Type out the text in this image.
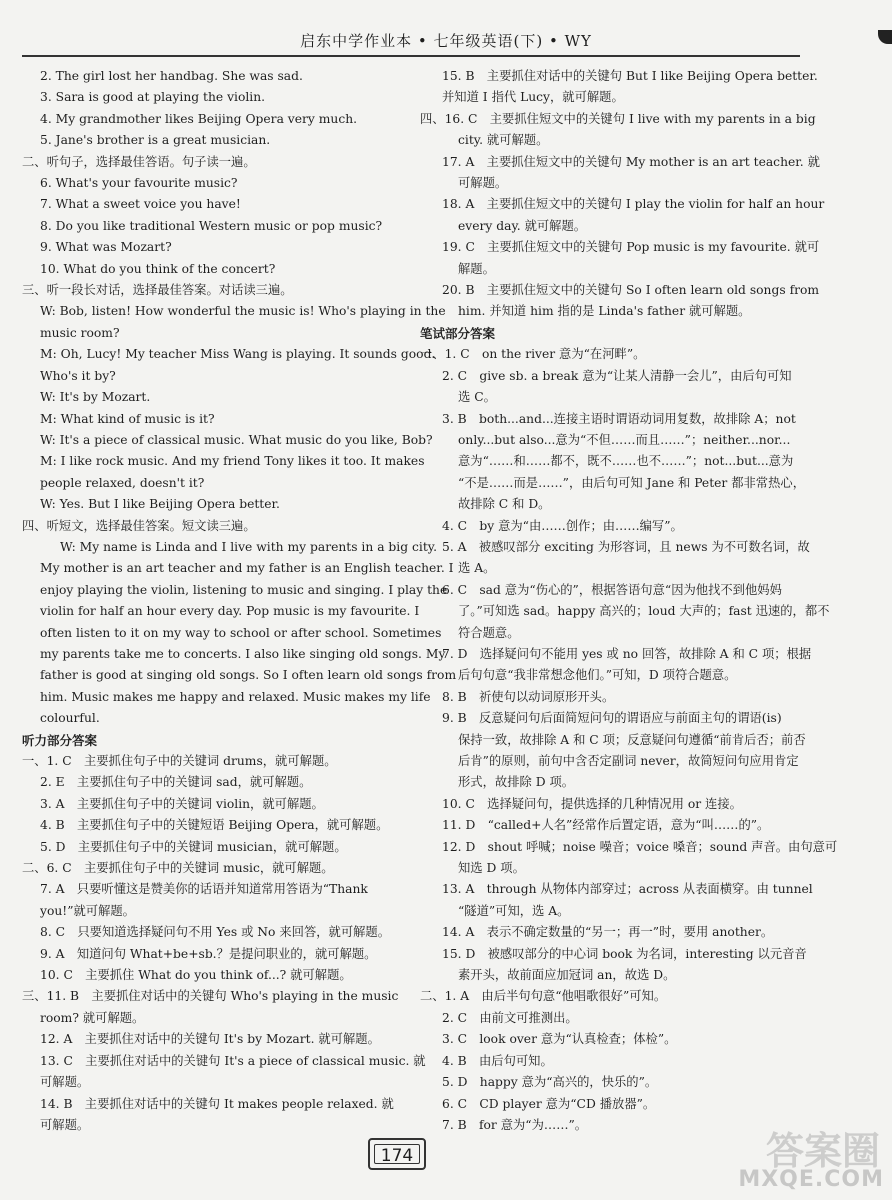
启东中学作业本 • 七年级英语(下) • WY
2. The girl lost her handbag. She was sad.
3. Sara is good at playing the violin.
4. My grandmother likes Beijing Opera very much.
5. Jane's brother is a great musician.
二、听句子，选择最佳答语。句子读一遍。
6. What's your favourite music?
7. What a sweet voice you have!
8. Do you like traditional Western music or pop music?
9. What was Mozart?
10. What do you think of the concert?
三、听一段长对话，选择最佳答案。对话读三遍。
W: Bob, listen! How wonderful the music is! Who's playing in the
music room?
M: Oh, Lucy! My teacher Miss Wang is playing. It sounds good.
Who's it by?
W: It's by Mozart.
M: What kind of music is it?
W: It's a piece of classical music. What music do you like, Bob?
M: I like rock music. And my friend Tony likes it too. It makes
people relaxed, doesn't it?
W: Yes. But I like Beijing Opera better.
四、听短文，选择最佳答案。短文读三遍。
W: My name is Linda and I live with my parents in a big city.
My mother is an art teacher and my father is an English teacher. I
enjoy playing the violin, listening to music and singing. I play the
violin for half an hour every day. Pop music is my favourite. I
often listen to it on my way to school or after school. Sometimes
my parents take me to concerts. I also like singing old songs. My
father is good at singing old songs. So I often learn old songs from
him. Music makes me happy and relaxed. Music makes my life
colourful.
听力部分答案
一、1. C　主要抓住句子中的关键词 drums，就可解题。
2. E　主要抓住句子中的关键词 sad，就可解题。
3. A　主要抓住句子中的关键词 violin，就可解题。
4. B　主要抓住句子中的关键短语 Beijing Opera，就可解题。
5. D　主要抓住句子中的关键词 musician，就可解题。
二、6. C　主要抓住句子中的关键词 music，就可解题。
7. A　只要听懂这是赞美你的话语并知道常用答语为“Thank
you!”就可解题。
8. C　只要知道选择疑问句不用 Yes 或 No 来回答，就可解题。
9. A　知道问句 What+be+sb.？是提问职业的，就可解题。
10. C　主要抓住 What do you think of...? 就可解题。
三、11. B　主要抓住对话中的关键句 Who's playing in the music
room? 就可解题。
12. A　主要抓住对话中的关键句 It's by Mozart. 就可解题。
13. C　主要抓住对话中的关键句 It's a piece of classical music. 就
可解题。
14. B　主要抓住对话中的关键句 It makes people relaxed. 就
可解题。
15. B　主要抓住对话中的关键句 But I like Beijing Opera better.
并知道 I 指代 Lucy，就可解题。
四、16. C　主要抓住短文中的关键句 I live with my parents in a big
city. 就可解题。
17. A　主要抓住短文中的关键句 My mother is an art teacher. 就
可解题。
18. A　主要抓住短文中的关键句 I play the violin for half an hour
every day. 就可解题。
19. C　主要抓住短文中的关键句 Pop music is my favourite. 就可
解题。
20. B　主要抓住短文中的关键句 So I often learn old songs from
him. 并知道 him 指的是 Linda's father 就可解题。
笔试部分答案
一、1. C　on the river 意为“在河畔”。
2. C　give sb. a break 意为“让某人清静一会儿”，由后句可知
选 C。
3. B　both...and...连接主语时谓语动词用复数，故排除 A；not
only...but also...意为“不但……而且……”；neither...nor...
意为“……和……都不，既不……也不……”；not...but...意为
“不是……而是……”，由后句可知 Jane 和 Peter 都非常热心，
故排除 C 和 D。
4. C　by 意为“由……创作；由……编写”。
5. A　被感叹部分 exciting 为形容词，且 news 为不可数名词，故
选 A。
6. C　sad 意为“伤心的”，根据答语句意“因为他找不到他妈妈
了。”可知选 sad。happy 高兴的；loud 大声的；fast 迅速的，都不
符合题意。
7. D　选择疑问句不能用 yes 或 no 回答，故排除 A 和 C 项；根据
后句句意“我非常想念他们。”可知，D 项符合题意。
8. B　祈使句以动词原形开头。
9. B　反意疑问句后面简短问句的谓语应与前面主句的谓语(is)
保持一致，故排除 A 和 C 项；反意疑问句遵循“前肯后否；前否
后肯”的原则，前句中含否定副词 never，故简短问句应用肯定
形式，故排除 D 项。
10. C　选择疑问句，提供选择的几种情况用 or 连接。
11. D　“called+人名”经常作后置定语，意为“叫……的”。
12. D　shout 呼喊；noise 噪音；voice 嗓音；sound 声音。由句意可
知选 D 项。
13. A　through 从物体内部穿过；across 从表面横穿。由 tunnel
“隧道”可知，选 A。
14. A　表示不确定数量的“另一；再一”时，要用 another。
15. D　被感叹部分的中心词 book 为名词，interesting 以元音音
素开头，故前面应加冠词 an，故选 D。
二、1. A　由后半句句意“他唱歌很好”可知。
2. C　由前文可推测出。
3. C　look over 意为“认真检查；体检”。
4. B　由后句可知。
5. D　happy 意为“高兴的，快乐的”。
6. C　CD player 意为“CD 播放器”。
7. B　for 意为“为……”。
174	答案圈
MXQE.COM
